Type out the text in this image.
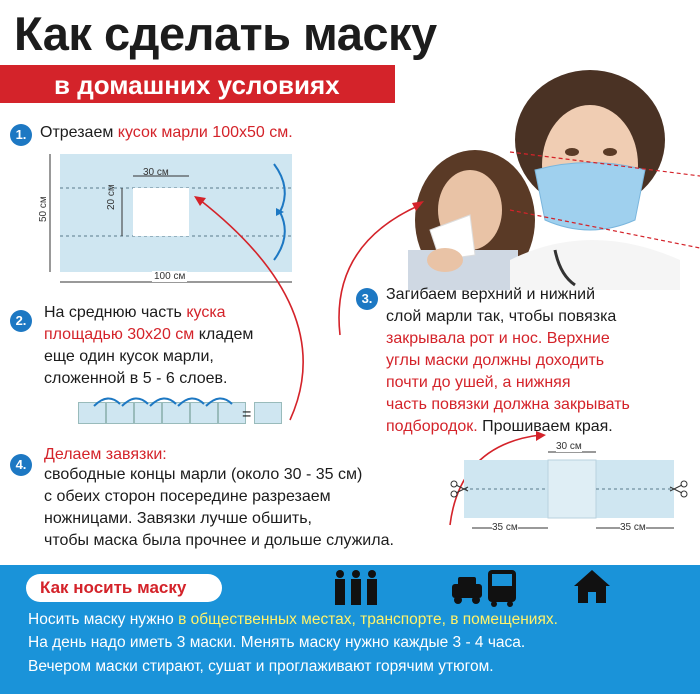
Как сделать маску
в домашних условиях
1. Отрезаем кусок марли 100х50 см.
30 см
20 см
50 см
100 см
2.	На среднюю часть куска
площадью 30х20 см кладем
еще один кусок марли,
сложенной в 5 - 6 слоев.
=
3. Загибаем верхний и нижний
слой марли так, чтобы повязка
закрывала рот и нос. Верхние
углы маски должны доходить
почти до ушей, а нижняя
часть повязки должна закрывать
подбородок. Прошиваем края.
4.
Делаем завязки:
свободные концы марли (около 30 - 35 см)
с обеих сторон посередине разрезаем
ножницами. Завязки лучше обшить,
чтобы маска была прочнее и дольше служила.
30 см
35 см	35 см
Как носить маску
Носить маску нужно в общественных местах, транспорте, в помещениях.
На день надо иметь 3 маски. Менять маску нужно каждые 3 - 4 часа.
Вечером маски стирают, сушат и проглаживают горячим утюгом.
